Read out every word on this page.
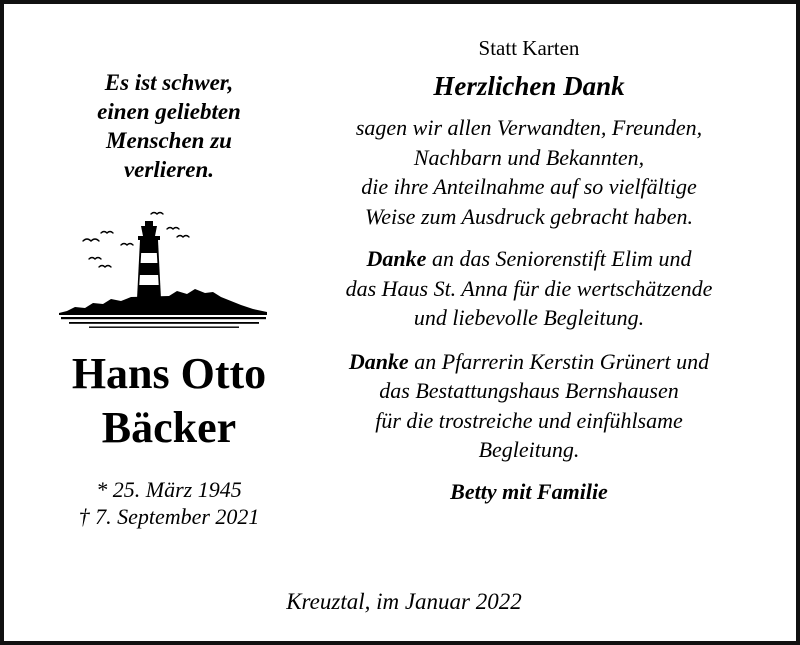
Es ist schwer,
einen geliebten
Menschen zu
verlieren.

Hans Otto
Bäcker
* 25. März 1945
† 7. September 2021

Statt Karten

Herzlichen Dank

sagen wir allen Verwandten, Freunden,
Nachbarn und Bekannten,
die ihre Anteilnahme auf so vielfältige
Weise zum Ausdruck gebracht haben.

Danke an das Seniorenstift Elim und
das Haus St. Anna für die wertschätzende
und liebevolle Begleitung.

Danke an Pfarrerin Kerstin Grünert und
das Bestattungshaus Bernshausen
für die trostreiche und einfühlsame
Begleitung.

Betty mit Familie

Kreuztal, im Januar 2022
